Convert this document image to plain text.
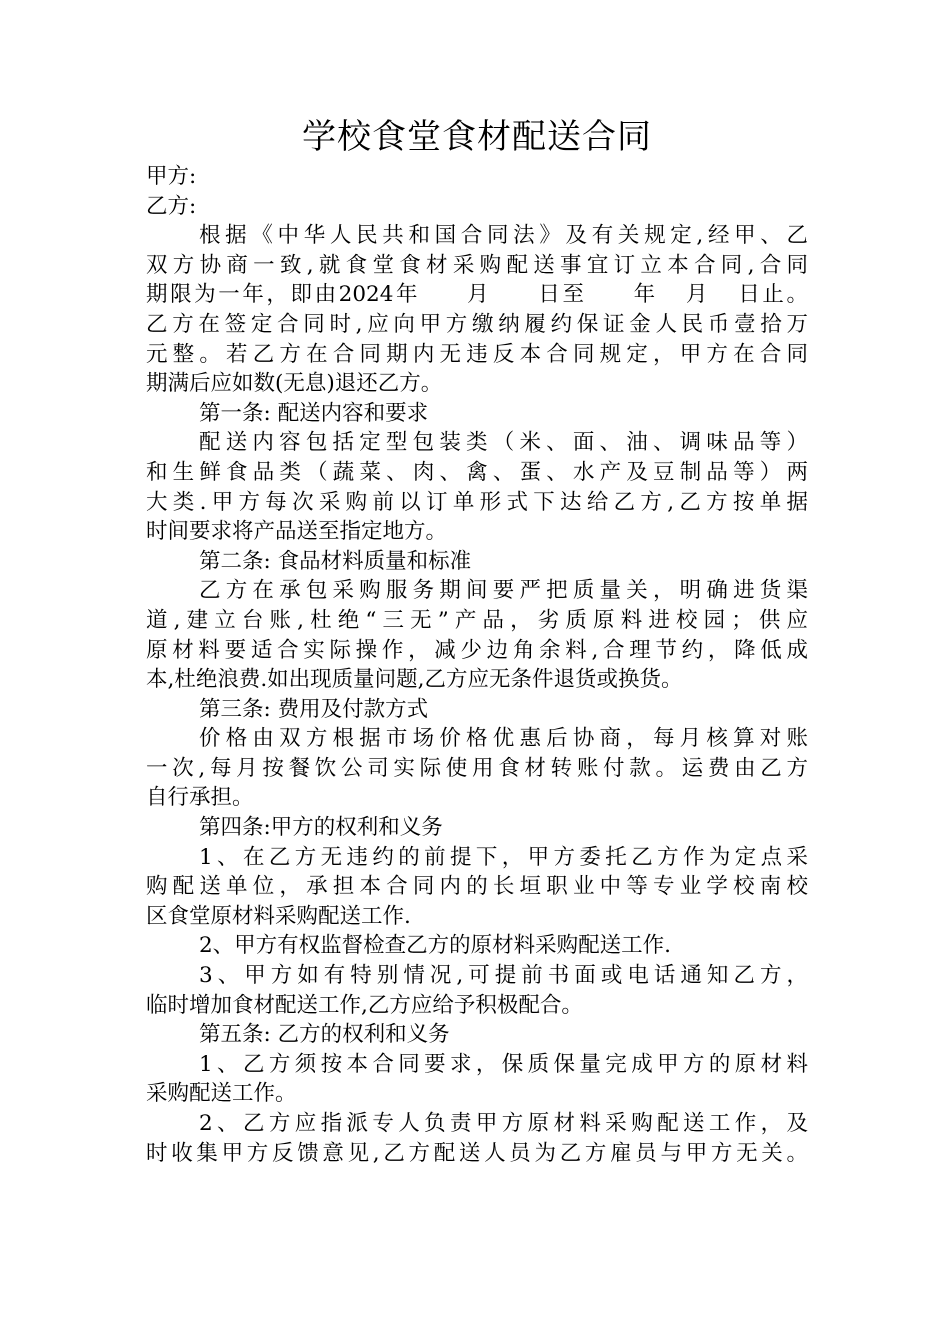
学校食堂食材配送合同

甲方:

乙方:

根据《中华人民共和国合同法》及有关规定,经甲、乙

双方协商一致,就食堂食材采购配送事宜订立本合同,合同

期限为一年，即由2024年     月     日至     年   月   日止。

乙方在签定合同时,应向甲方缴纳履约保证金人民币壹拾万

元整。若乙方在合同期内无违反本合同规定，甲方在合同

期满后应如数(无息)退还乙方。

第一条: 配送内容和要求

配送内容包括定型包装类（米、面、油、调味品等）

和生鲜食品类（蔬菜、肉、禽、蛋、水产及豆制品等）两

大类.甲方每次采购前以订单形式下达给乙方,乙方按单据

时间要求将产品送至指定地方。

第二条: 食品材料质量和标准

乙方在承包采购服务期间要严把质量关，明确进货渠

道,建立台账,杜绝“三无”产品，劣质原料进校园；供应

原材料要适合实际操作，减少边角余料,合理节约，降低成

本,杜绝浪费.如出现质量问题,乙方应无条件退货或换货。

第三条: 费用及付款方式

价格由双方根据市场价格优惠后协商，每月核算对账

一次,每月按餐饮公司实际使用食材转账付款。运费由乙方

自行承担。

第四条:甲方的权利和义务

1、在乙方无违约的前提下，甲方委托乙方作为定点采

购配送单位，承担本合同内的长垣职业中等专业学校南校

区食堂原材料采购配送工作.

2、甲方有权监督检查乙方的原材料采购配送工作.

3、甲方如有特别情况,可提前书面或电话通知乙方，

临时增加食材配送工作,乙方应给予积极配合。

第五条: 乙方的权利和义务

1、乙方须按本合同要求，保质保量完成甲方的原材料

采购配送工作。

2、乙方应指派专人负责甲方原材料采购配送工作，及

时收集甲方反馈意见,乙方配送人员为乙方雇员与甲方无关。
